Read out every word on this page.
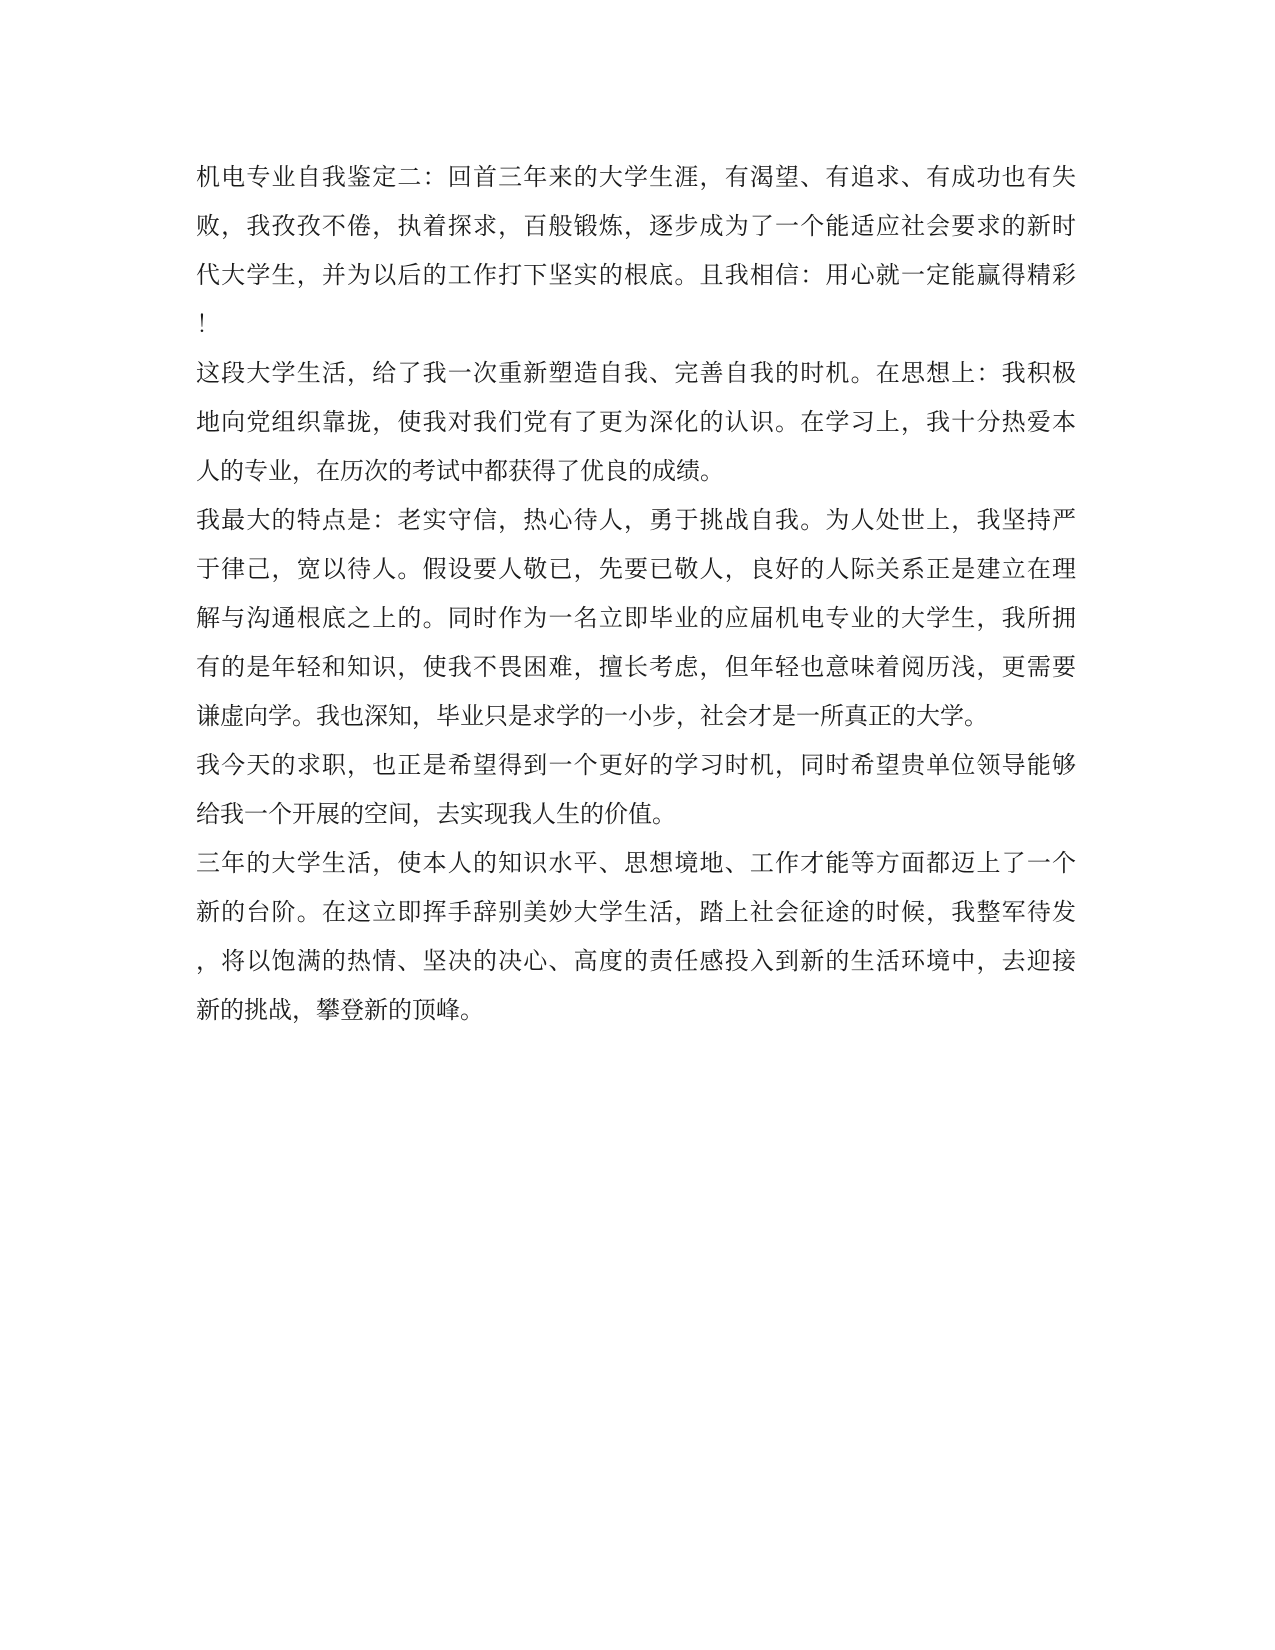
机电专业自我鉴定二：回首三年来的大学生涯，有渴望、有追求、有成功也有失
败，我孜孜不倦，执着探求，百般锻炼，逐步成为了一个能适应社会要求的新时
代大学生，并为以后的工作打下坚实的根底。且我相信：用心就一定能赢得精彩
！
这段大学生活，给了我一次重新塑造自我、完善自我的时机。在思想上：我积极
地向党组织靠拢，使我对我们党有了更为深化的认识。在学习上，我十分热爱本
人的专业，在历次的考试中都获得了优良的成绩。
我最大的特点是：老实守信，热心待人，勇于挑战自我。为人处世上，我坚持严
于律己，宽以待人。假设要人敬已，先要已敬人，良好的人际关系正是建立在理
解与沟通根底之上的。同时作为一名立即毕业的应届机电专业的大学生，我所拥
有的是年轻和知识，使我不畏困难，擅长考虑，但年轻也意味着阅历浅，更需要
谦虚向学。我也深知，毕业只是求学的一小步，社会才是一所真正的大学。
我今天的求职，也正是希望得到一个更好的学习时机，同时希望贵单位领导能够
给我一个开展的空间，去实现我人生的价值。
三年的大学生活，使本人的知识水平、思想境地、工作才能等方面都迈上了一个
新的台阶。在这立即挥手辞别美妙大学生活，踏上社会征途的时候，我整军待发
，将以饱满的热情、坚决的决心、高度的责任感投入到新的生活环境中，去迎接
新的挑战，攀登新的顶峰。
